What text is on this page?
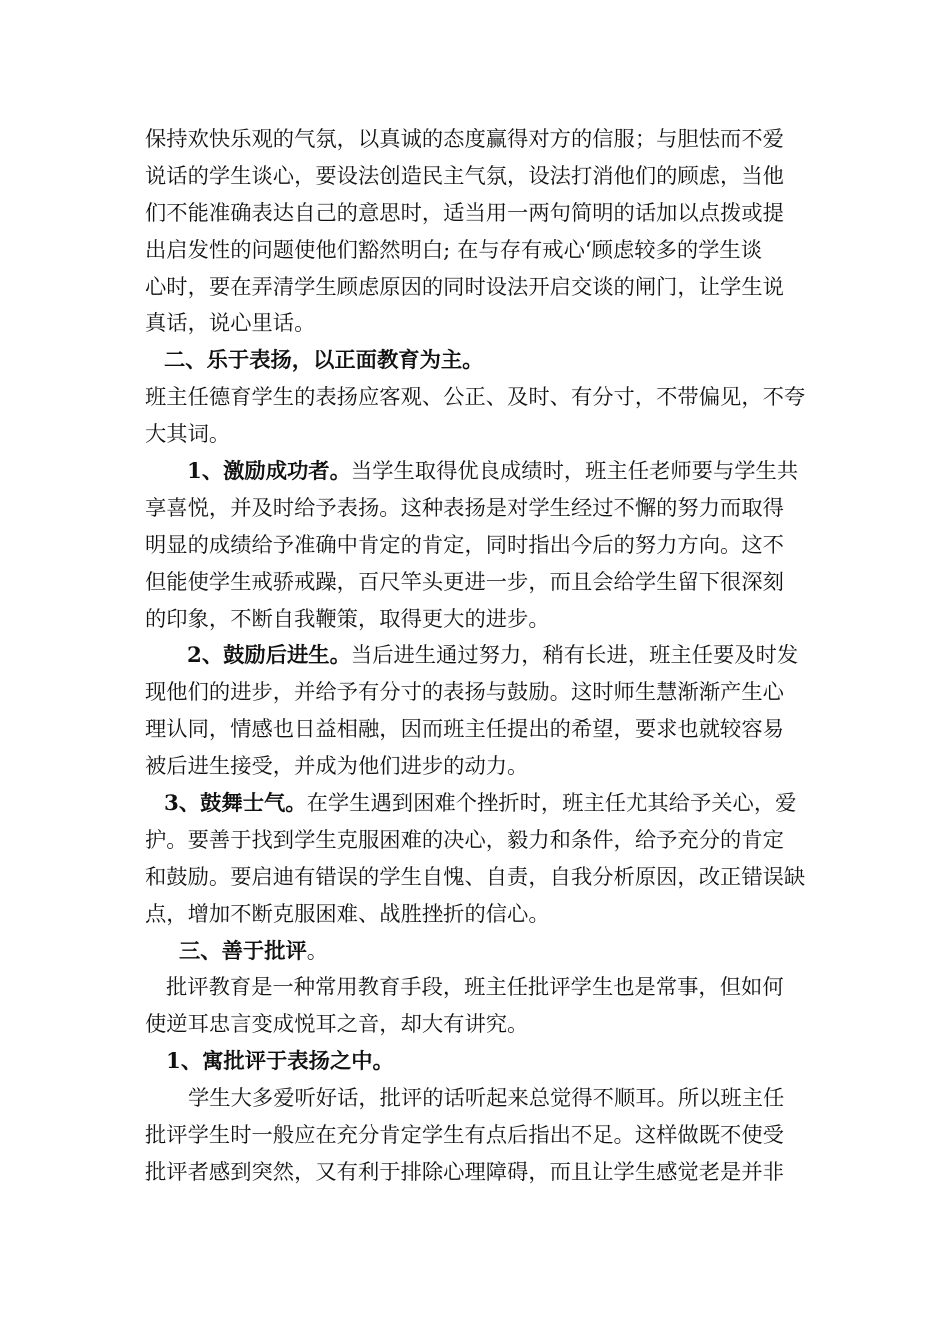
保持欢快乐观的气氛，以真诚的态度赢得对方的信服；与胆怯而不爱
说话的学生谈心，要设法创造民主气氛，设法打消他们的顾虑，当他
们不能准确表达自己的意思时，适当用一两句简明的话加以点拨或提
出启发性的问题使他们豁然明白; 在与存有戒心‘顾虑较多的学生谈
心时，要在弄清学生顾虑原因的同时设法开启交谈的闸门，让学生说
真话，说心里话。
二、乐于表扬，以正面教育为主。
班主任德育学生的表扬应客观、公正、及时、有分寸，不带偏见，不夸
大其词。
1、激励成功者。当学生取得优良成绩时，班主任老师要与学生共
享喜悦，并及时给予表扬。这种表扬是对学生经过不懈的努力而取得
明显的成绩给予准确中肯定的肯定，同时指出今后的努力方向。这不
但能使学生戒骄戒躁，百尺竿头更进一步，而且会给学生留下很深刻
的印象，不断自我鞭策，取得更大的进步。
2、鼓励后进生。当后进生通过努力，稍有长进，班主任要及时发
现他们的进步，并给予有分寸的表扬与鼓励。这时师生慧渐渐产生心
理认同，情感也日益相融，因而班主任提出的希望，要求也就较容易
被后进生接受，并成为他们进步的动力。
3、鼓舞士气。在学生遇到困难个挫折时，班主任尤其给予关心，爱
护。要善于找到学生克服困难的决心，毅力和条件，给予充分的肯定
和鼓励。要启迪有错误的学生自愧、自责，自我分析原因，改正错误缺
点，增加不断克服困难、战胜挫折的信心。
三、善于批评。
批评教育是一种常用教育手段，班主任批评学生也是常事，但如何
使逆耳忠言变成悦耳之音，却大有讲究。
1、寓批评于表扬之中。
学生大多爱听好话，批评的话听起来总觉得不顺耳。所以班主任
批评学生时一般应在充分肯定学生有点后指出不足。这样做既不使受
批评者感到突然，又有利于排除心理障碍，而且让学生感觉老是并非
